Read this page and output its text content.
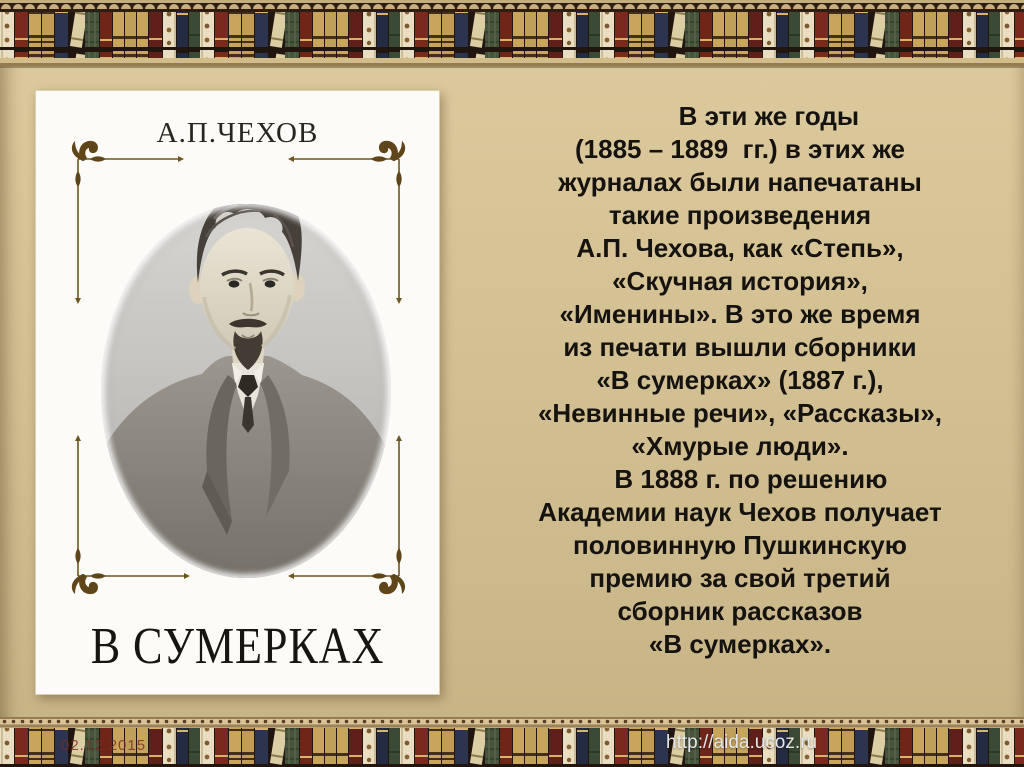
А.П.ЧЕХОВ
В СУМЕРКАХ
В эти же годы
(1885 – 1889  гг.) в этих же
журналах были напечатаны
такие произведения
А.П. Чехова, как «Степь»,
«Скучная история»,
«Именины». В это же время
из печати вышли сборники
«В сумерках» (1887 г.),
«Невинные речи», «Рассказы»,
«Хмурые люди».
В 1888 г. по решению
Академии наук Чехов получает
половинную Пушкинскую
премию за свой третий
сборник рассказов
«В сумерках».
02.12.2015	http://aida.ucoz.ru
